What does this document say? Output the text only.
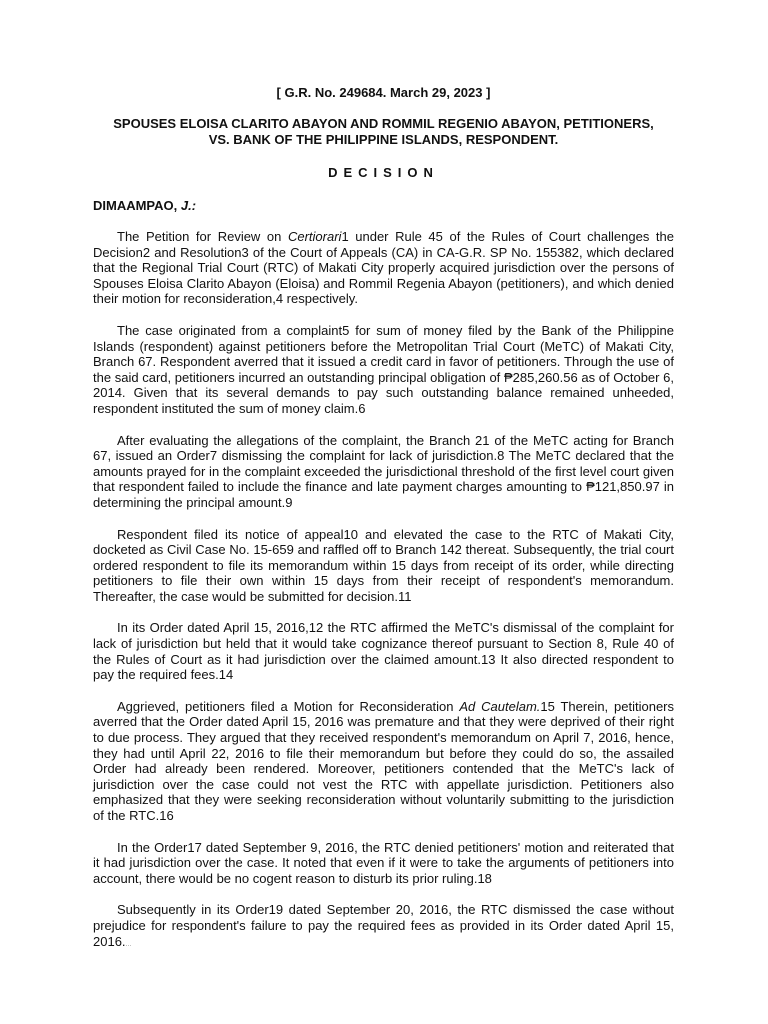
[ G.R. No. 249684. March 29, 2023 ]
SPOUSES ELOISA CLARITO ABAYON AND ROMMIL REGENIO ABAYON, PETITIONERS,
VS. BANK OF THE PHILIPPINE ISLANDS, RESPONDENT.
DECISION
DIMAAMPAO, J.:

The Petition for Review on Certiorari1 under Rule 45 of the Rules of Court challenges the Decision2 and Resolution3 of the Court of Appeals (CA) in CA-G.R. SP No. 155382, which declared that the Regional Trial Court (RTC) of Makati City properly acquired jurisdiction over the persons of Spouses Eloisa Clarito Abayon (Eloisa) and Rommil Regenia Abayon (petitioners), and which denied their motion for reconsideration,4 respectively.

The case originated from a complaint5 for sum of money filed by the Bank of the Philippine Islands (respondent) against petitioners before the Metropolitan Trial Court (MeTC) of Makati City, Branch 67. Respondent averred that it issued a credit card in favor of petitioners. Through the use of the said card, petitioners incurred an outstanding principal obligation of ₱285,260.56 as of October 6, 2014. Given that its several demands to pay such outstanding balance remained unheeded, respondent instituted the sum of money claim.6

After evaluating the allegations of the complaint, the Branch 21 of the MeTC acting for Branch 67, issued an Order7 dismissing the complaint for lack of jurisdiction.8 The MeTC declared that the amounts prayed for in the complaint exceeded the jurisdictional threshold of the first level court given that respondent failed to include the finance and late payment charges amounting to ₱121,850.97 in determining the principal amount.9

Respondent filed its notice of appeal10 and elevated the case to the RTC of Makati City, docketed as Civil Case No. 15-659 and raffled off to Branch 142 thereat. Subsequently, the trial court ordered respondent to file its memorandum within 15 days from receipt of its order, while directing petitioners to file their own within 15 days from their receipt of respondent's memorandum. Thereafter, the case would be submitted for decision.11

In its Order dated April 15, 2016,12 the RTC affirmed the MeTC's dismissal of the complaint for lack of jurisdiction but held that it would take cognizance thereof pursuant to Section 8, Rule 40 of the Rules of Court as it had jurisdiction over the claimed amount.13 It also directed respondent to pay the required fees.14

Aggrieved, petitioners filed a Motion for Reconsideration Ad Cautelam.15 Therein, petitioners averred that the Order dated April 15, 2016 was premature and that they were deprived of their right to due process. They argued that they received respondent's memorandum on April 7, 2016, hence, they had until April 22, 2016 to file their memorandum but before they could do so, the assailed Order had already been rendered. Moreover, petitioners contended that the MeTC's lack of jurisdiction over the case could not vest the RTC with appellate jurisdiction. Petitioners also emphasized that they were seeking reconsideration without voluntarily submitting to the jurisdiction of the RTC.16

In the Order17 dated September 9, 2016, the RTC denied petitioners' motion and reiterated that it had jurisdiction over the case. It noted that even if it were to take the arguments of petitioners into account, there would be no cogent reason to disturb its prior ruling.18

Subsequently in its Order19 dated September 20, 2016, the RTC dismissed the case without prejudice for respondent's failure to pay the required fees as provided in its Order dated April 15, 2016....
